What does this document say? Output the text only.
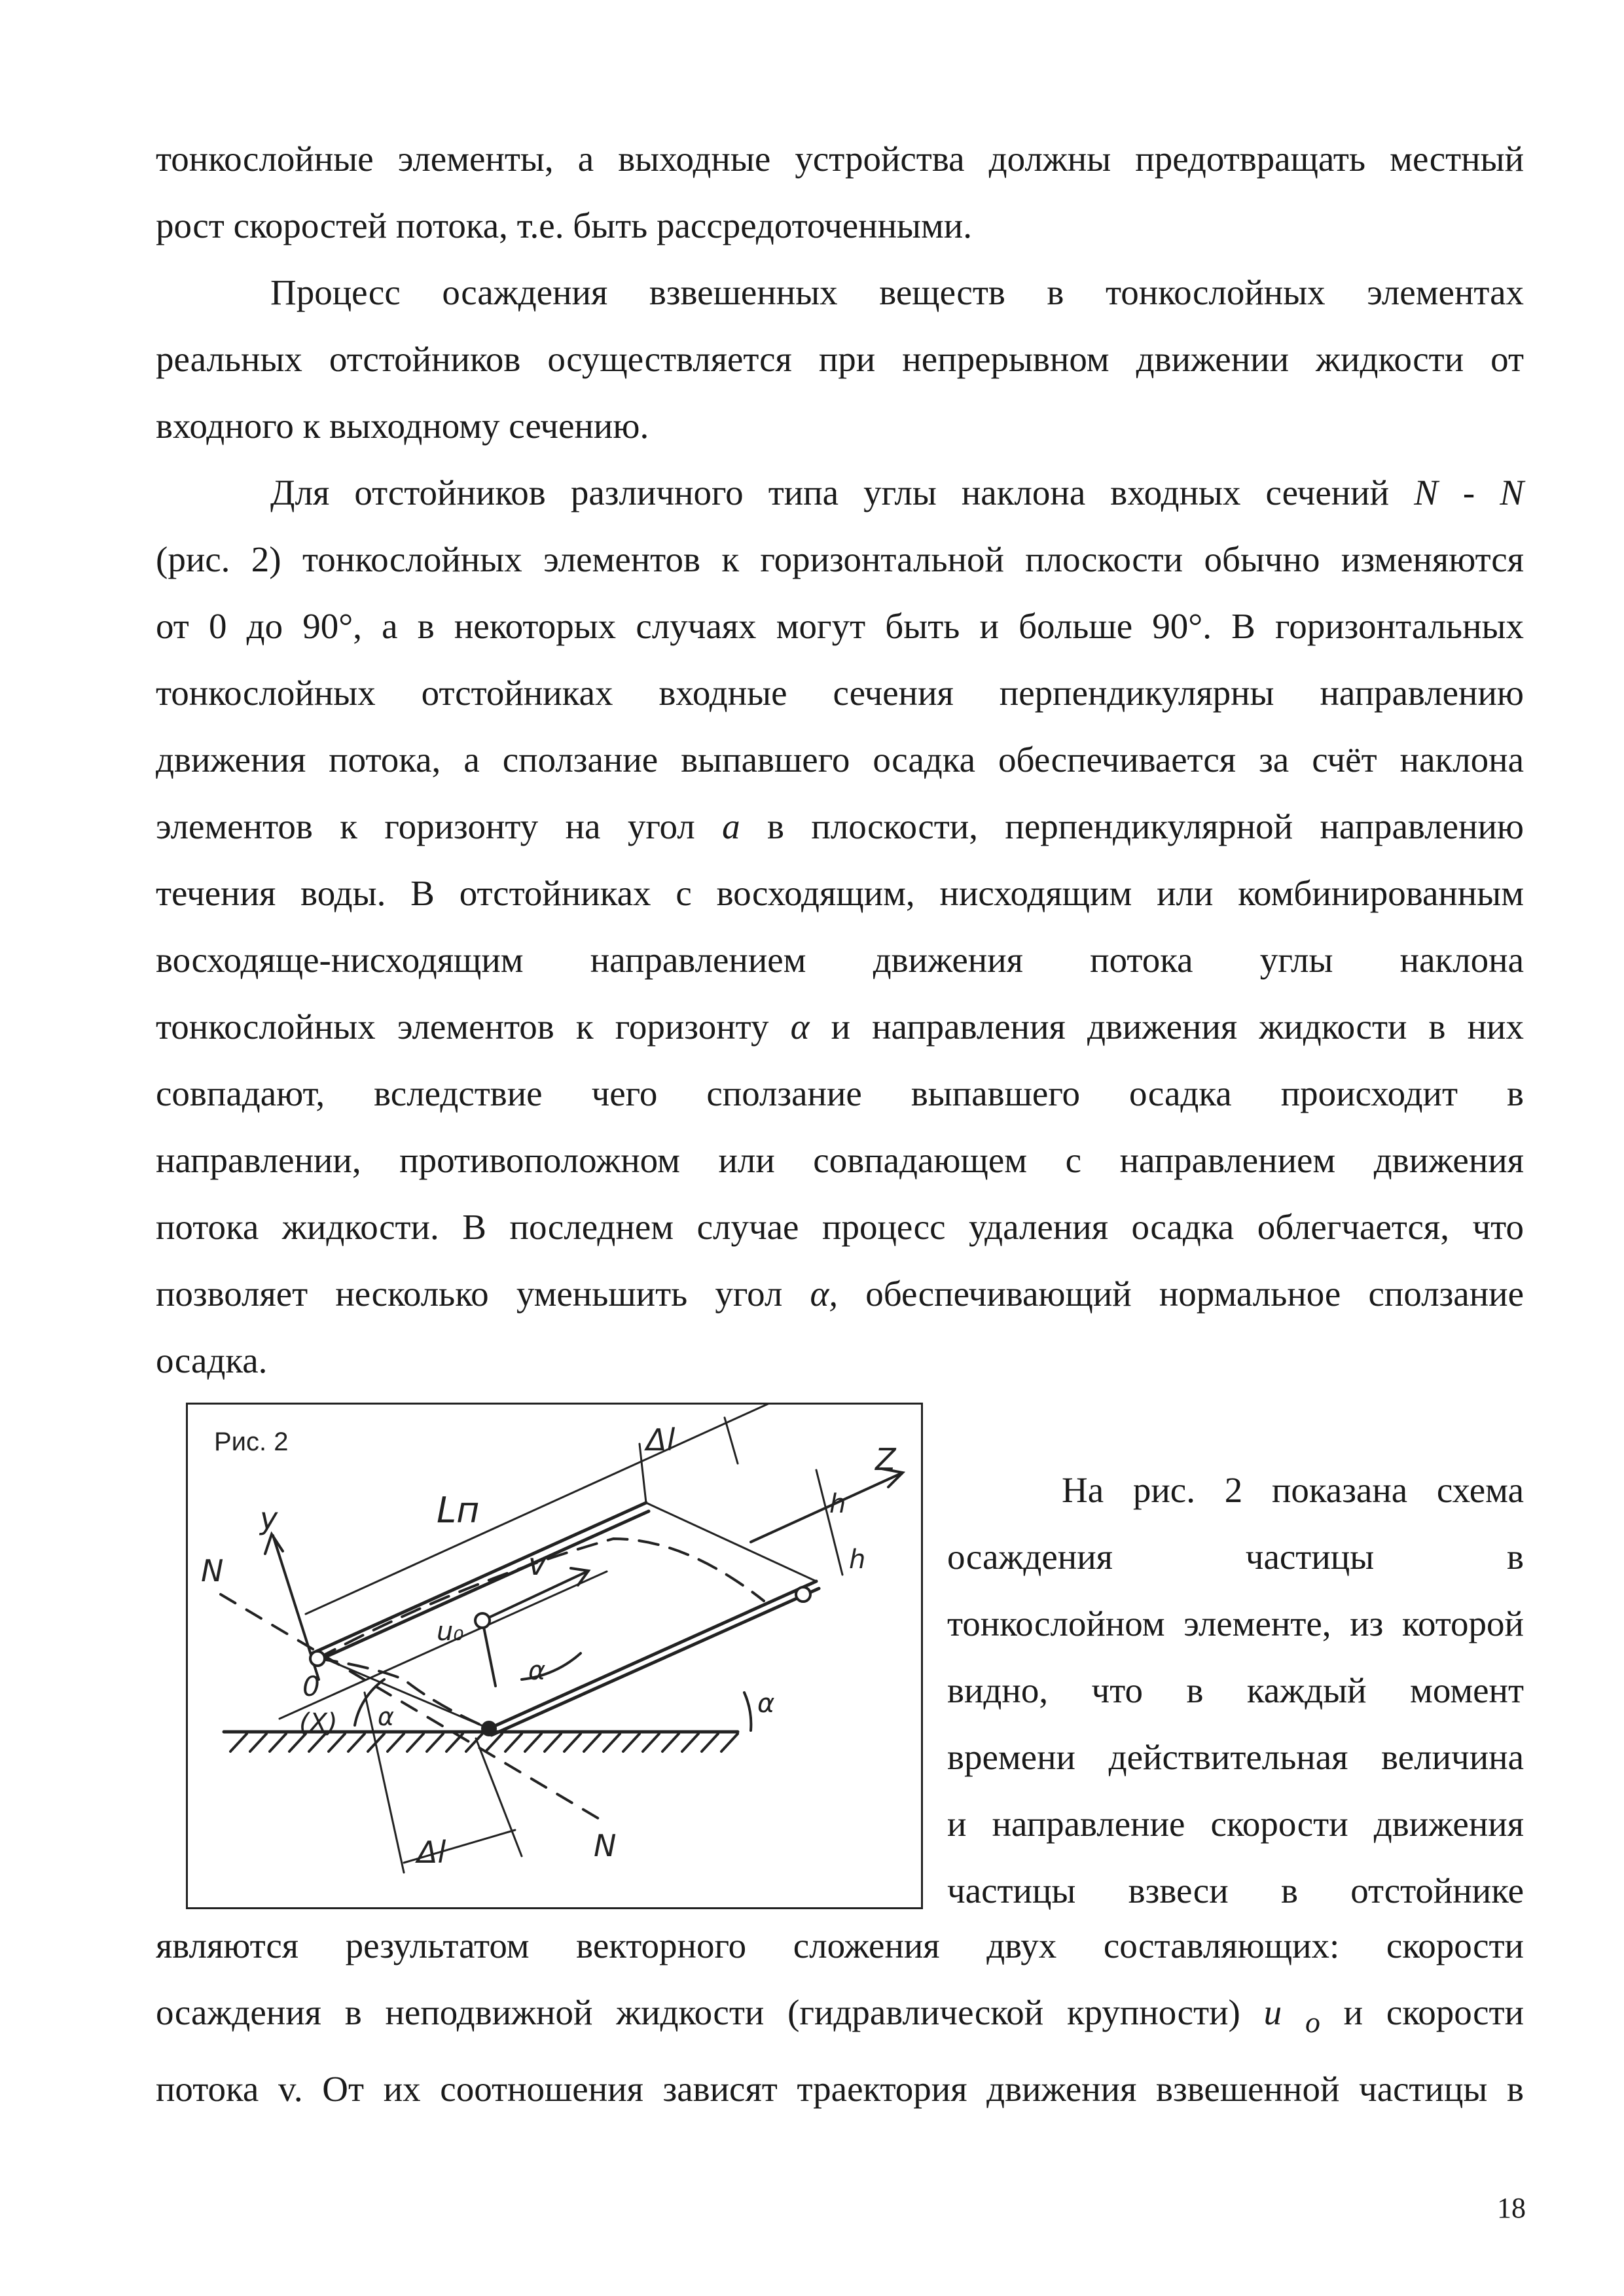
тонкослойные элементы, а выходные устройства должны предотвращать местный
рост скоростей потока, т.е. быть рассредоточенными.
Процесс осаждения взвешенных веществ в тонкослойных элементах
реальных отстойников осуществляется при непрерывном движении жидкости от
входного к выходному сечению.
Для отстойников различного типа углы наклона входных сечений N - N
(рис. 2) тонкослойных элементов к горизонтальной плоскости обычно изменяются
от 0 до 90°, а в некоторых случаях могут быть и больше 90°. В горизонтальных
тонкослойных отстойниках входные сечения перпендикулярны направлению
движения потока, а сползание выпавшего осадка обеспечивается за счёт наклона
элементов к горизонту на угол a в плоскости, перпендикулярной направлению
течения воды. В отстойниках с восходящим, нисходящим или комбинированным
восходяще-нисходящим направлением движения потока углы наклона
тонкослойных элементов к горизонту α и направления движения жидкости в них
совпадают, вследствие чего сползание выпавшего осадка происходит в
направлении, противоположном или совпадающем с направлением движения
потока жидкости. В последнем случае процесс удаления осадка облегчается, что
позволяет несколько уменьшить угол α, обеспечивающий нормальное сползание
осадка.
Рис. 2
N
N
y
Z
Lп
Δl
Δl
v
u₀
α
α
α
0
(X)
h
h
На рис. 2 показана схема
осаждения частицы в
тонкослойном элементе, из которой
видно, что в каждый момент
времени действительная величина
и направление скорости движения
частицы взвеси в отстойнике
являются результатом векторного сложения двух составляющих: скорости
осаждения в неподвижной жидкости (гидравлической крупности) u $_o$ и скорости
потока v. От их соотношения зависят траектория движения взвешенной частицы в
18
